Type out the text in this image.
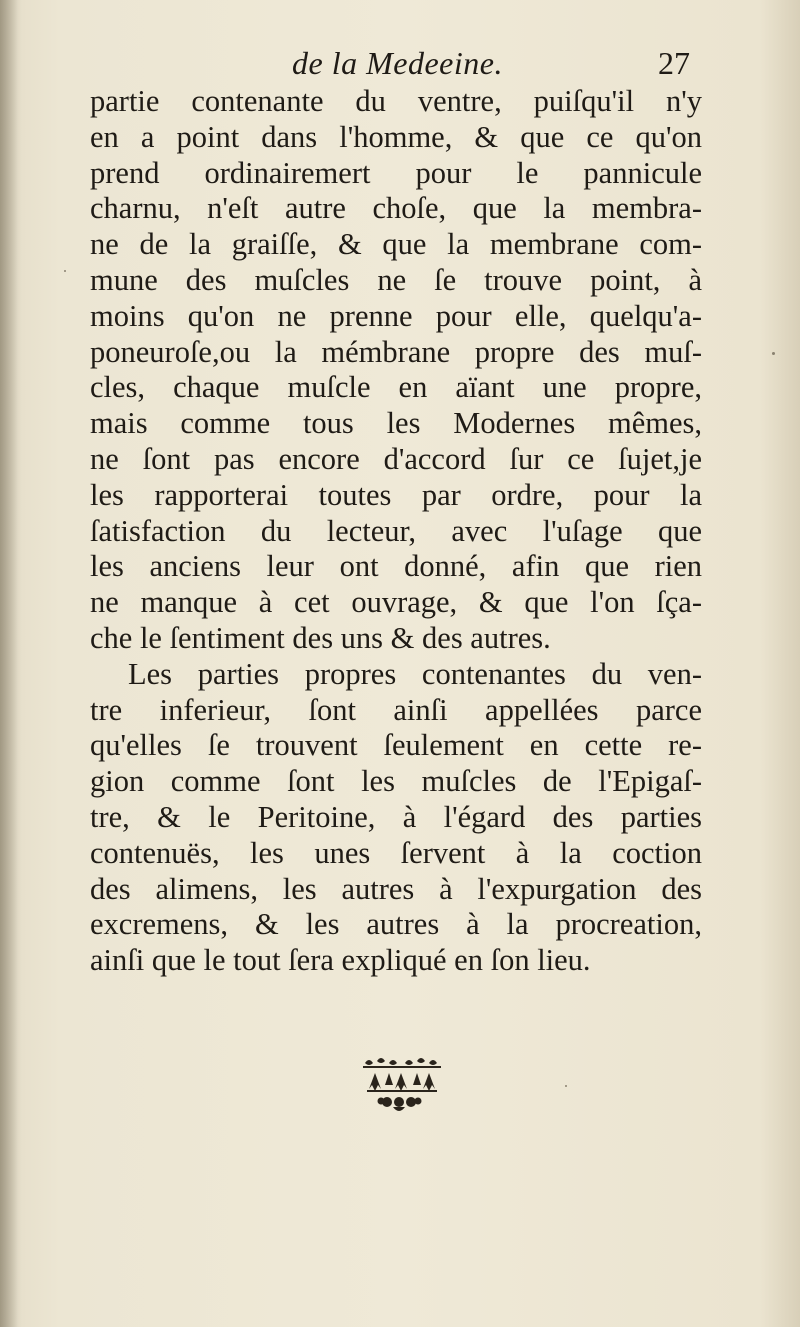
de la Medeeine.	27
partie contenante du ventre, puiſqu'il n'y
en a point dans l'homme, & que ce qu'on
prend ordinairemert pour le pannicule
charnu, n'eſt autre choſe, que la membra-
ne de la graiſſe, & que la membrane com-
mune des muſcles ne ſe trouve point, à
moins qu'on ne prenne pour elle, quelqu'a-
poneuroſe,ou la mémbrane propre des muſ-
cles, chaque muſcle en aïant une propre,
mais comme tous les Modernes mêmes,
ne ſont pas encore d'accord ſur ce ſujet,je
les rapporterai toutes par ordre, pour la
ſatisfaction du lecteur, avec l'uſage que
les anciens leur ont donné, afin que rien
ne manque à cet ouvrage, & que l'on ſça-
che le ſentiment des uns & des autres.
Les parties propres contenantes du ven-
tre inferieur, ſont ainſi appellées parce
qu'elles ſe trouvent ſeulement en cette re-
gion comme ſont les muſcles de l'Epigaſ-
tre, & le Peritoine, à l'égard des parties
contenuës, les unes ſervent à la coction
des alimens, les autres à l'expurgation des
excremens, & les autres à la procreation,
ainſi que le tout ſera expliqué en ſon lieu.
